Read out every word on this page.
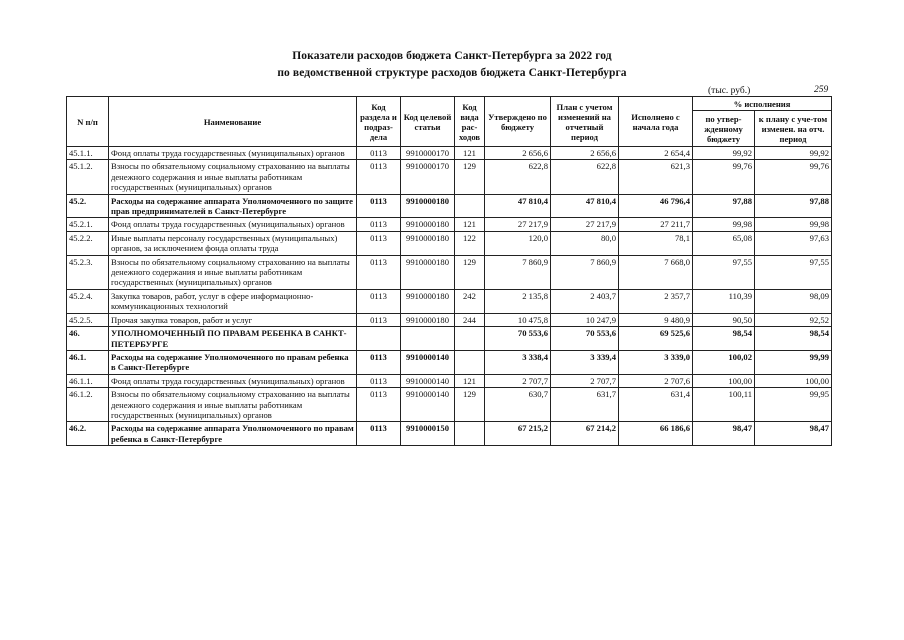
Показатели расходов бюджета Санкт-Петербурга за 2022 год
по ведомственной структуре расходов бюджета Санкт-Петербурга
(тыс. руб.)	259
N п/п	Наименование	Код раздела и подраз-дела	Код целевой статьи	Код вида рас-ходов	Утверждено по бюджету	План с учетом изменений на отчетный период	Исполнено с начала года	% исполнения	
								по утвер-жденному бюджету	к плану с уче-том изменен. на отч. период
45.1.1.	Фонд оплаты труда государственных (муниципальных) органов	0113	9910000170	121	2 656,6	2 656,6	2 654,4	99,92	99,92
45.1.2.	Взносы по обязательному социальному страхованию на выплаты денежного содержания и иные выплаты работникам государственных (муниципальных) органов	0113	9910000170	129	622,8	622,8	621,3	99,76	99,76
45.2.	Расходы на содержание аппарата Уполномоченного по защите прав предпринимателей в Санкт-Петербурге	0113	9910000180		47 810,4	47 810,4	46 796,4	97,88	97,88
45.2.1.	Фонд оплаты труда государственных (муниципальных) органов	0113	9910000180	121	27 217,9	27 217,9	27 211,7	99,98	99,98
45.2.2.	Иные выплаты персоналу государственных (муниципальных) органов, за исключением фонда оплаты труда	0113	9910000180	122	120,0	80,0	78,1	65,08	97,63
45.2.3.	Взносы по обязательному социальному страхованию на выплаты денежного содержания и иные выплаты работникам государственных (муниципальных) органов	0113	9910000180	129	7 860,9	7 860,9	7 668,0	97,55	97,55
45.2.4.	Закупка товаров, работ, услуг в сфере информационно-коммуникационных технологий	0113	9910000180	242	2 135,8	2 403,7	2 357,7	110,39	98,09
45.2.5.	Прочая закупка товаров, работ и услуг	0113	9910000180	244	10 475,8	10 247,9	9 480,9	90,50	92,52
46.	УПОЛНОМОЧЕННЫЙ ПО ПРАВАМ РЕБЕНКА В САНКТ-ПЕТЕРБУРГЕ				70 553,6	70 553,6	69 525,6	98,54	98,54
46.1.	Расходы на содержание Уполномоченного по правам ребенка в Санкт-Петербурге	0113	9910000140		3 338,4	3 339,4	3 339,0	100,02	99,99
46.1.1.	Фонд оплаты труда государственных (муниципальных) органов	0113	9910000140	121	2 707,7	2 707,7	2 707,6	100,00	100,00
46.1.2.	Взносы по обязательному социальному страхованию на выплаты денежного содержания и иные выплаты работникам государственных (муниципальных) органов	0113	9910000140	129	630,7	631,7	631,4	100,11	99,95
46.2.	Расходы на содержание аппарата Уполномоченного по правам ребенка в Санкт-Петербурге	0113	9910000150		67 215,2	67 214,2	66 186,6	98,47	98,47
